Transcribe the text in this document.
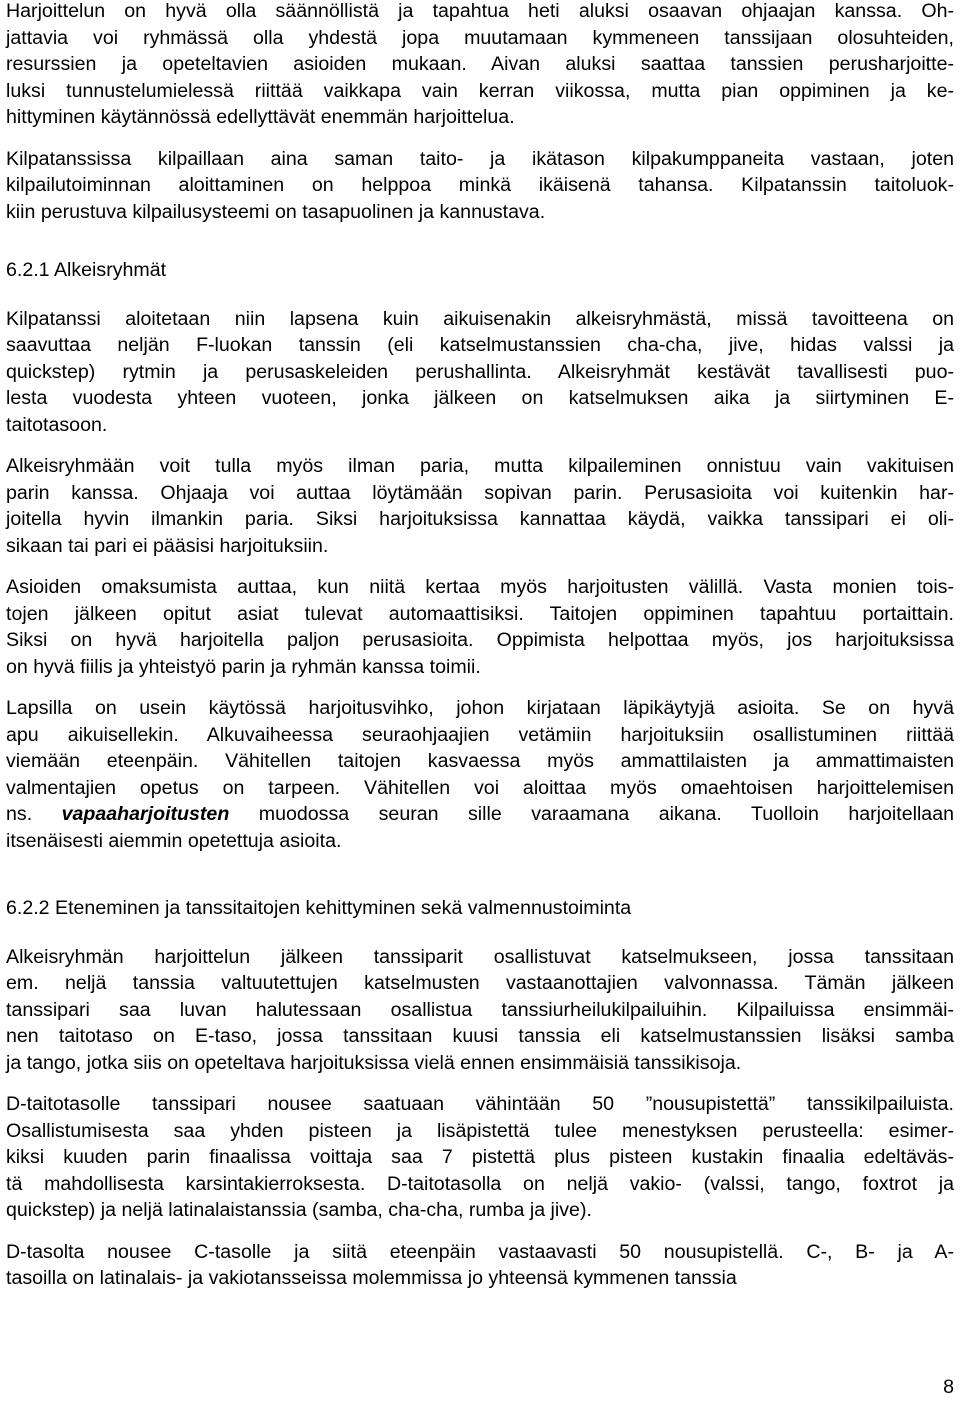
Harjoittelun on hyvä olla säännöllistä ja tapahtua heti aluksi osaavan ohjaajan kanssa. Oh-
jattavia voi ryhmässä olla yhdestä jopa muutamaan kymmeneen tanssijaan olosuhteiden,
resurssien ja opeteltavien asioiden mukaan. Aivan aluksi saattaa tanssien perusharjoitte-
luksi tunnustelumielessä riittää vaikkapa vain kerran viikossa, mutta pian oppiminen ja ke-
hittyminen käytännössä edellyttävät enemmän harjoittelua.
Kilpatanssissa kilpaillaan aina saman taito- ja ikätason kilpakumppaneita vastaan, joten
kilpailutoiminnan aloittaminen on helppoa minkä ikäisenä tahansa. Kilpatanssin taitoluok-
kiin perustuva kilpailusysteemi on tasapuolinen ja kannustava.
6.2.1 Alkeisryhmät
Kilpatanssi aloitetaan niin lapsena kuin aikuisenakin alkeisryhmästä, missä tavoitteena on
saavuttaa neljän F-luokan tanssin (eli katselmustanssien cha-cha, jive, hidas valssi ja
quickstep) rytmin ja perusaskeleiden perushallinta. Alkeisryhmät kestävät tavallisesti puo-
lesta vuodesta yhteen vuoteen, jonka jälkeen on katselmuksen aika ja siirtyminen E-
taitotasoon.
Alkeisryhmään voit tulla myös ilman paria, mutta kilpaileminen onnistuu vain vakituisen
parin kanssa. Ohjaaja voi auttaa löytämään sopivan parin. Perusasioita voi kuitenkin har-
joitella hyvin ilmankin paria. Siksi harjoituksissa kannattaa käydä, vaikka tanssipari ei oli-
sikaan tai pari ei pääsisi harjoituksiin.
Asioiden omaksumista auttaa, kun niitä kertaa myös harjoitusten välillä. Vasta monien tois-
tojen jälkeen opitut asiat tulevat automaattisiksi. Taitojen oppiminen tapahtuu portaittain.
Siksi on hyvä harjoitella paljon perusasioita. Oppimista helpottaa myös, jos harjoituksissa
on hyvä fiilis ja yhteistyö parin ja ryhmän kanssa toimii.
Lapsilla on usein käytössä harjoitusvihko, johon kirjataan läpikäytyjä asioita. Se on hyvä
apu aikuisellekin. Alkuvaiheessa seuraohjaajien vetämiin harjoituksiin osallistuminen riittää
viemään eteenpäin. Vähitellen taitojen kasvaessa myös ammattilaisten ja ammattimaisten
valmentajien opetus on tarpeen. Vähitellen voi aloittaa myös omaehtoisen harjoittelemisen
ns. vapaaharjoitusten muodossa seuran sille varaamana aikana. Tuolloin harjoitellaan
itsenäisesti aiemmin opetettuja asioita.
6.2.2 Eteneminen ja tanssitaitojen kehittyminen sekä valmennustoiminta
Alkeisryhmän harjoittelun jälkeen tanssiparit osallistuvat katselmukseen, jossa tanssitaan
em. neljä tanssia valtuutettujen katselmusten vastaanottajien valvonnassa. Tämän jälkeen
tanssipari saa luvan halutessaan osallistua tanssiurheilukilpailuihin. Kilpailuissa ensimmäi-
nen taitotaso on E-taso, jossa tanssitaan kuusi tanssia eli katselmustanssien lisäksi samba
ja tango, jotka siis on opeteltava harjoituksissa vielä ennen ensimmäisiä tanssikisoja.
D-taitotasolle tanssipari nousee saatuaan vähintään 50 ”nousupistettä” tanssikilpailuista.
Osallistumisesta saa yhden pisteen ja lisäpistettä tulee menestyksen perusteella: esimer-
kiksi kuuden parin finaalissa voittaja saa 7 pistettä plus pisteen kustakin finaalia edeltäväs-
tä mahdollisesta karsintakierroksesta. D-taitotasolla on neljä vakio- (valssi, tango, foxtrot ja
quickstep) ja neljä latinalaistanssia (samba, cha-cha, rumba ja jive).
D-tasolta nousee C-tasolle ja siitä eteenpäin vastaavasti 50 nousupistellä. C-, B- ja A-
tasoilla on latinalais- ja vakiotansseissa molemmissa jo yhteensä kymmenen tanssia
8
